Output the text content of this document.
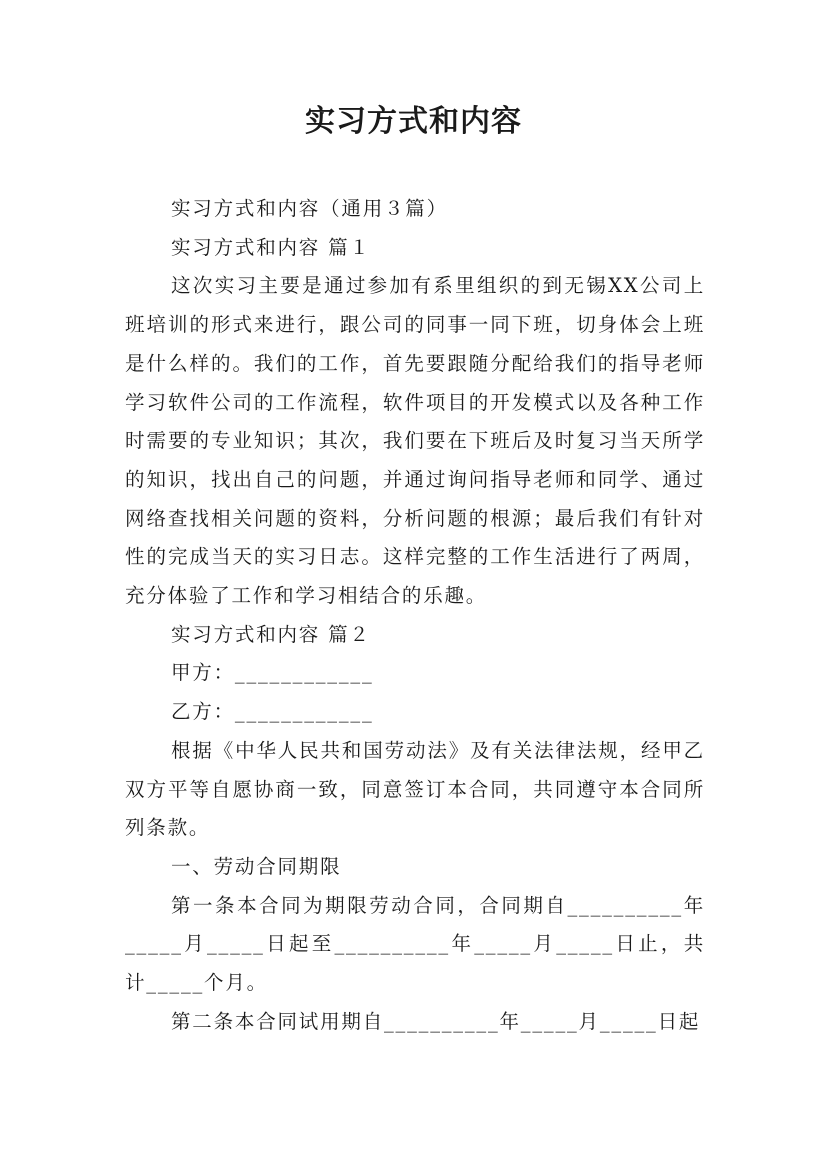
实习方式和内容

实习方式和内容（通用３篇）

实习方式和内容 篇１

这次实习主要是通过参加有系里组织的到无锡XX公司上班培训的形式来进行，跟公司的同事一同下班，切身体会上班是什么样的。我们的工作，首先要跟随分配给我们的指导老师学习软件公司的工作流程，软件项目的开发模式以及各种工作时需要的专业知识；其次，我们要在下班后及时复习当天所学的知识，找出自己的问题，并通过询问指导老师和同学、通过网络查找相关问题的资料，分析问题的根源；最后我们有针对性的完成当天的实习日志。这样完整的工作生活进行了两周，充分体验了工作和学习相结合的乐趣。

实习方式和内容 篇２

甲方：____________

乙方：____________

根据《中华人民共和国劳动法》及有关法律法规，经甲乙双方平等自愿协商一致，同意签订本合同，共同遵守本合同所列条款。

一、劳动合同期限

第一条本合同为期限劳动合同，合同期自__________年_____月_____日起至__________年_____月_____日止，共计_____个月。

第二条本合同试用期自__________年_____月_____日起
